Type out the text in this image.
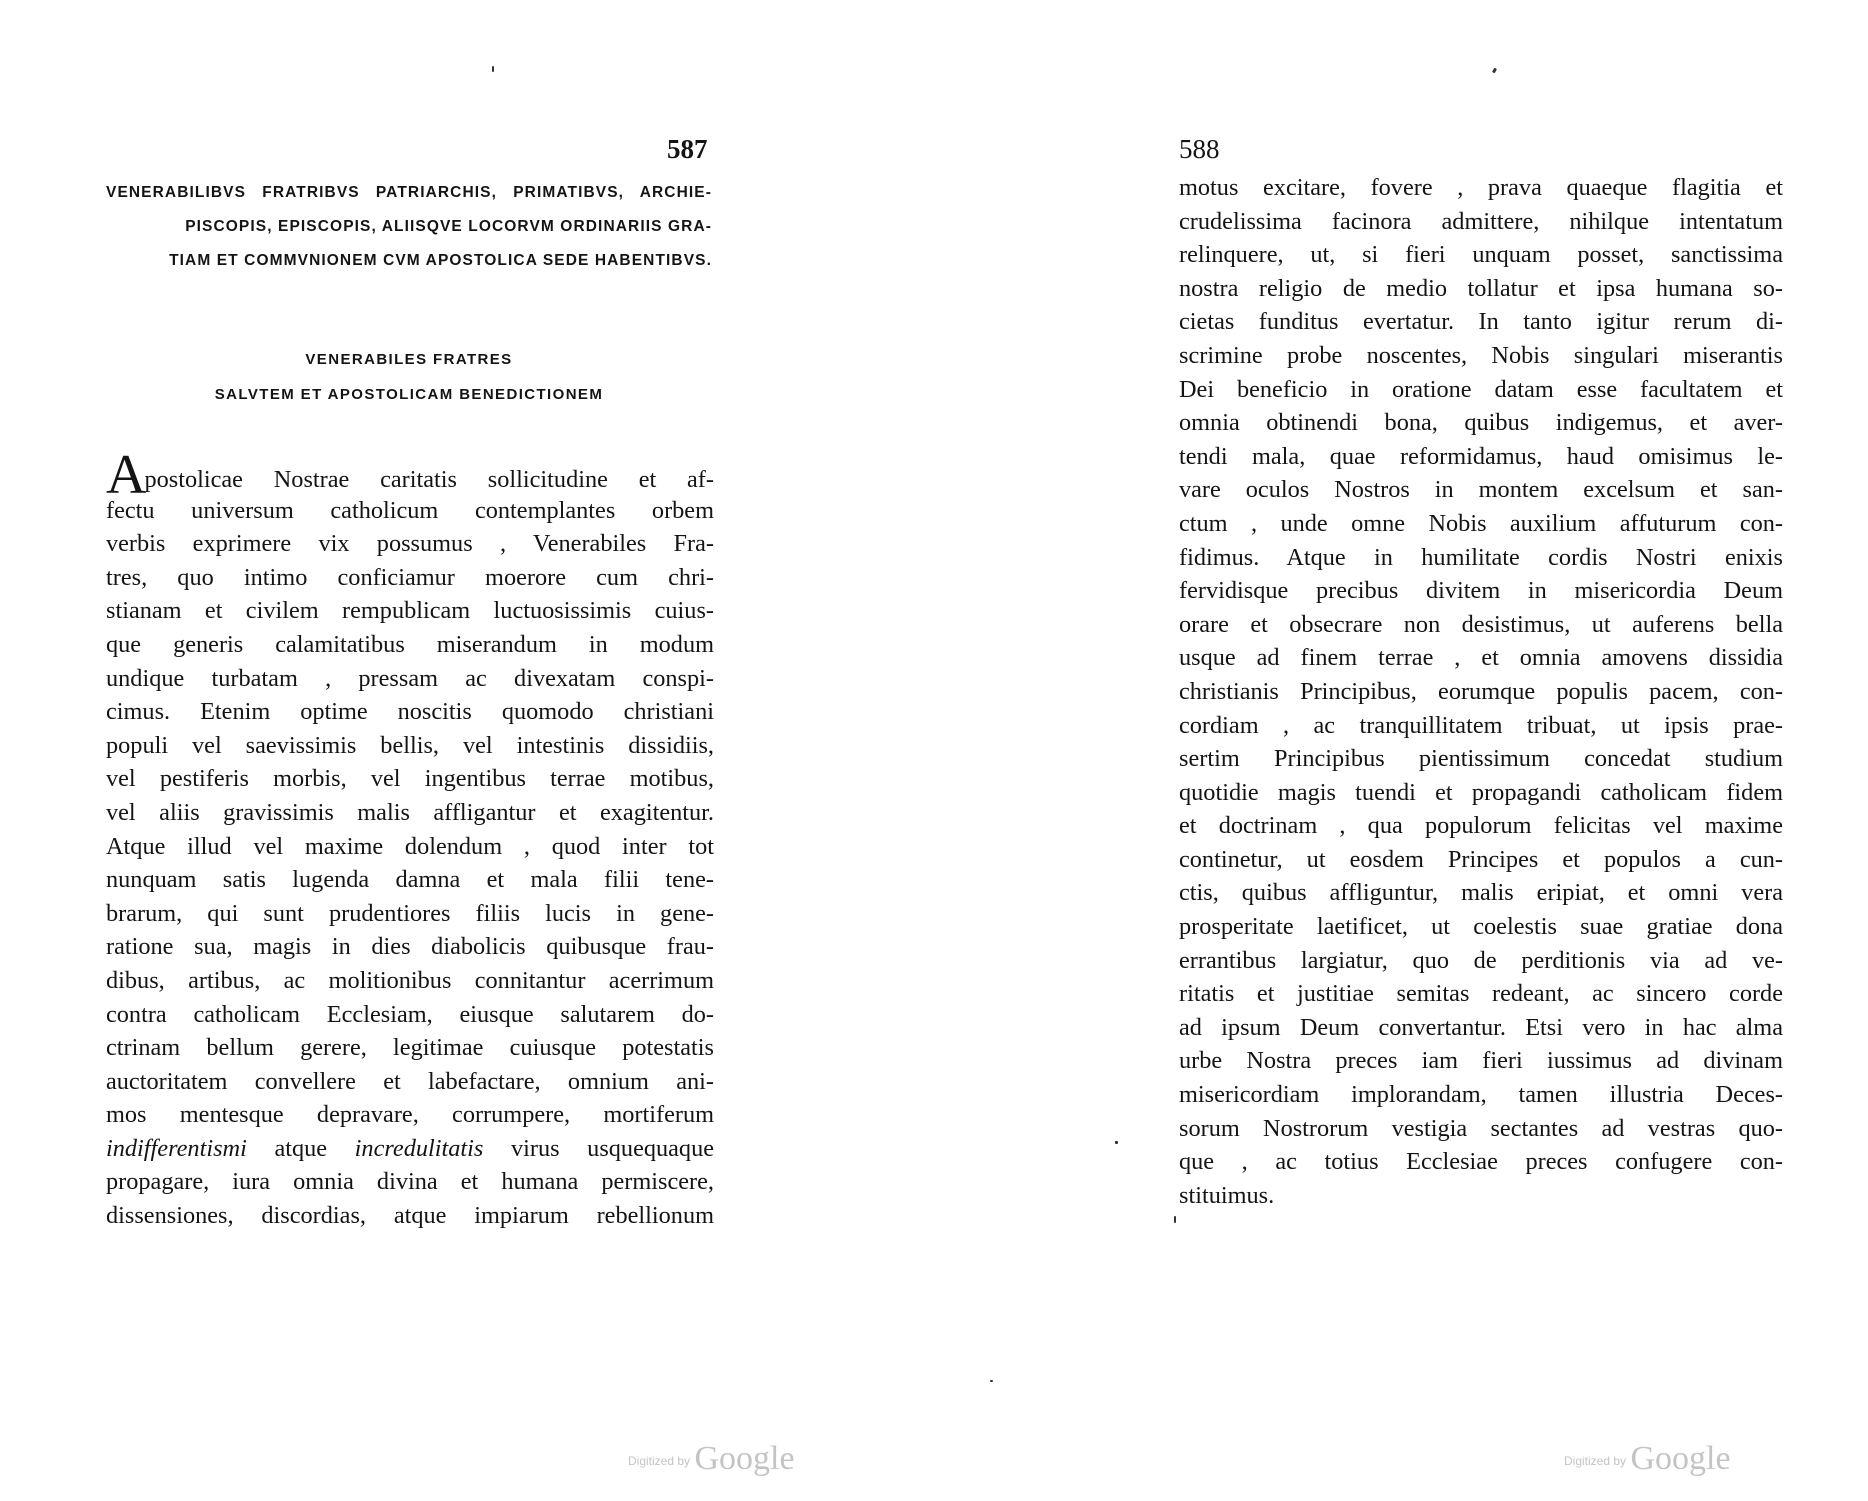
587
VENERABILIBVS FRATRIBVS PATRIARCHIS, PRIMATIBVS, ARCHIE-
PISCOPIS, EPISCOPIS, ALIISQVE LOCORVM ORDINARIIS GRA-
TIAM ET COMMVNIONEM CVM APOSTOLICA SEDE HABENTIBVS.
VENERABILES FRATRES
SALVTEM ET APOSTOLICAM BENEDICTIONEM
Apostolicae Nostrae caritatis sollicitudine et af-
fectu universum catholicum contemplantes orbem
verbis exprimere vix possumus , Venerabiles Fra-
tres, quo intimo conficiamur moerore cum chri-
stianam et civilem rempublicam luctuosissimis cuius-
que generis calamitatibus miserandum in modum
undique turbatam , pressam ac divexatam conspi-
cimus. Etenim optime noscitis quomodo christiani
populi vel saevissimis bellis, vel intestinis dissidiis,
vel pestiferis morbis, vel ingentibus terrae motibus,
vel aliis gravissimis malis affligantur et exagitentur.
Atque illud vel maxime dolendum , quod inter tot
nunquam satis lugenda damna et mala filii tene-
brarum, qui sunt prudentiores filiis lucis in gene-
ratione sua, magis in dies diabolicis quibusque frau-
dibus, artibus, ac molitionibus connitantur acerrimum
contra catholicam Ecclesiam, eiusque salutarem do-
ctrinam bellum gerere, legitimae cuiusque potestatis
auctoritatem convellere et labefactare, omnium ani-
mos mentesque depravare, corrumpere, mortiferum
indifferentismi atque incredulitatis virus usquequaque
propagare, iura omnia divina et humana permiscere,
dissensiones, discordias, atque impiarum rebellionum
$^{Digitized by}$ Google
588
motus excitare, fovere , prava quaeque flagitia et
crudelissima facinora admittere, nihilque intentatum
relinquere, ut, si fieri unquam posset, sanctissima
nostra religio de medio tollatur et ipsa humana so-
cietas funditus evertatur. In tanto igitur rerum di-
scrimine probe noscentes, Nobis singulari miserantis
Dei beneficio in oratione datam esse facultatem et
omnia obtinendi bona, quibus indigemus, et aver-
tendi mala, quae reformidamus, haud omisimus le-
vare oculos Nostros in montem excelsum et san-
ctum , unde omne Nobis auxilium affuturum con-
fidimus. Atque in humilitate cordis Nostri enixis
fervidisque precibus divitem in misericordia Deum
orare et obsecrare non desistimus, ut auferens bella
usque ad finem terrae , et omnia amovens dissidia
christianis Principibus, eorumque populis pacem, con-
cordiam , ac tranquillitatem tribuat, ut ipsis prae-
sertim Principibus pientissimum concedat studium
quotidie magis tuendi et propagandi catholicam fidem
et doctrinam , qua populorum felicitas vel maxime
continetur, ut eosdem Principes et populos a cun-
ctis, quibus affliguntur, malis eripiat, et omni vera
prosperitate laetificet, ut coelestis suae gratiae dona
errantibus largiatur, quo de perditionis via ad ve-
ritatis et justitiae semitas redeant, ac sincero corde
ad ipsum Deum convertantur. Etsi vero in hac alma
urbe Nostra preces iam fieri iussimus ad divinam
misericordiam implorandam, tamen illustria Deces-
sorum Nostrorum vestigia sectantes ad vestras quo-
que , ac totius Ecclesiae preces confugere con-
stituimus.
$^{Digitized by}$ Google
